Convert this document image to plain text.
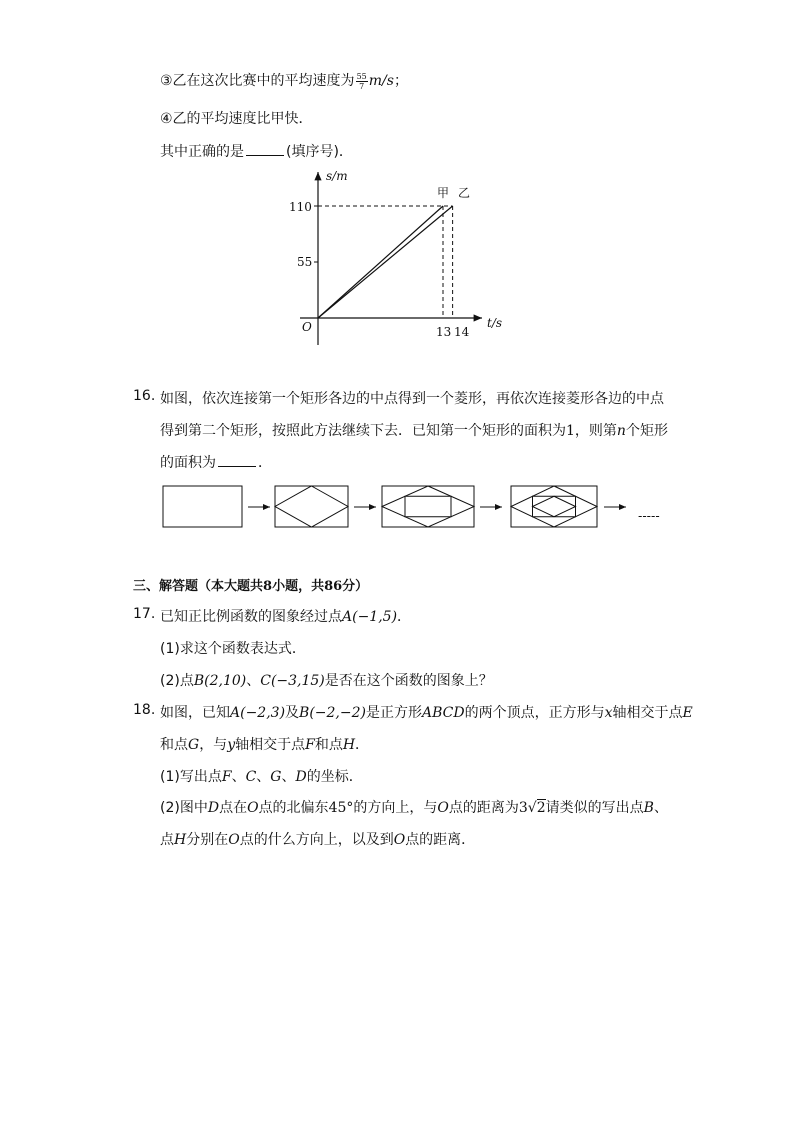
③乙在这次比赛中的平均速度为 $\frac{55}{7} m/s$；
④乙的平均速度比甲快．
其中正确的是	(填序号)．
s/m
t/s
O
110
55
13 14
甲 乙
16. 如图，依次连接第一个矩形各边的中点得到一个菱形，再依次连接菱形各边的中点
得到第二个矩形，按照此方法继续下去．已知第一个矩形的面积为1，则第n个矩形
的面积为	．
-----
三、解答题（本大题共8小题，共86分）
17. 已知正比例函数的图象经过点A(−1,5)．
(1)求这个函数表达式．
(2)点B(2,10)、C(−3,15)是否在这个函数的图象上？
18. 如图，已知A(−2,3)及B(−2,−2)是正方形ABCD的两个顶点，正方形与x轴相交于点E
和点G，与y轴相交于点F和点H．
(1)写出点F、C、G、D的坐标．
(2)图中D点在O点的北偏东45°的方向上，与O点的距离为3√2请类似的写出点B、
点H分别在O点的什么方向上，以及到O点的距离．
